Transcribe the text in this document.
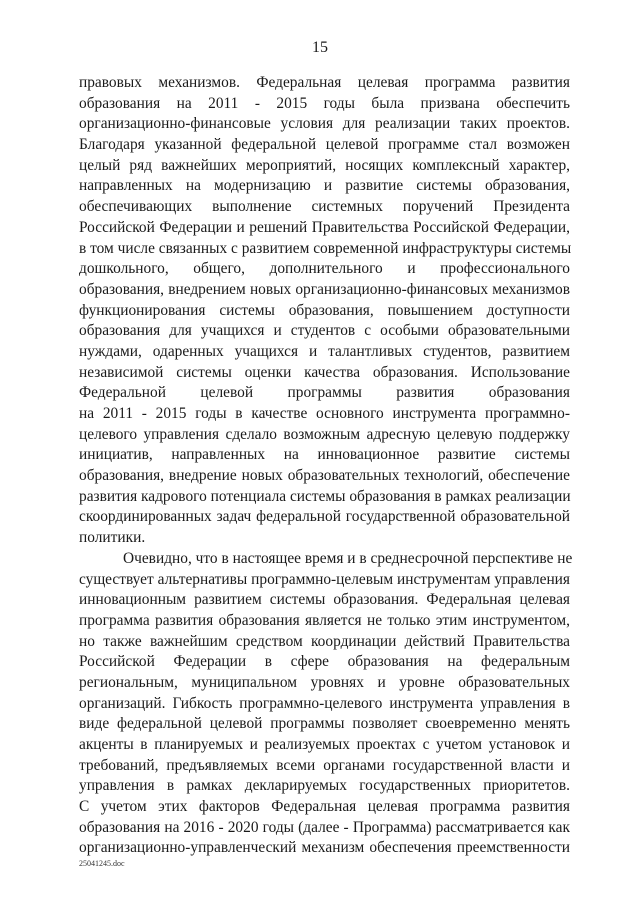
15
правовых механизмов. Федеральная целевая программа развития
образования на 2011 - 2015 годы была призвана обеспечить
организационно-финансовые условия для реализации таких проектов.
Благодаря указанной федеральной целевой программе стал возможен
целый ряд важнейших мероприятий, носящих комплексный характер,
направленных на модернизацию и развитие системы образования,
обеспечивающих выполнение системных поручений Президента
Российской Федерации и решений Правительства Российской Федерации,
в том числе связанных с развитием современной инфраструктуры системы
дошкольного, общего, дополнительного и профессионального
образования, внедрением новых организационно-финансовых механизмов
функционирования системы образования, повышением доступности
образования для учащихся и студентов с особыми образовательными
нуждами, одаренных учащихся и талантливых студентов, развитием
независимой системы оценки качества образования. Использование
Федеральной целевой программы развития образования
на 2011 - 2015 годы в качестве основного инструмента программно-
целевого управления сделало возможным адресную целевую поддержку
инициатив, направленных на инновационное развитие системы
образования, внедрение новых образовательных технологий, обеспечение
развития кадрового потенциала системы образования в рамках реализации
скоординированных задач федеральной государственной образовательной
политики.
Очевидно, что в настоящее время и в среднесрочной перспективе не
существует альтернативы программно-целевым инструментам управления
инновационным развитием системы образования. Федеральная целевая
программа развития образования является не только этим инструментом,
но также важнейшим средством координации действий Правительства
Российской Федерации в сфере образования на федеральным
региональным, муниципальном уровнях и уровне образовательных
организаций. Гибкость программно-целевого инструмента управления в
виде федеральной целевой программы позволяет своевременно менять
акценты в планируемых и реализуемых проектах с учетом установок и
требований, предъявляемых всеми органами государственной власти и
управления в рамках декларируемых государственных приоритетов.
С учетом этих факторов Федеральная целевая программа развития
образования на 2016 - 2020 годы (далее - Программа) рассматривается как
организационно-управленческий механизм обеспечения преемственности
25041245.doc
